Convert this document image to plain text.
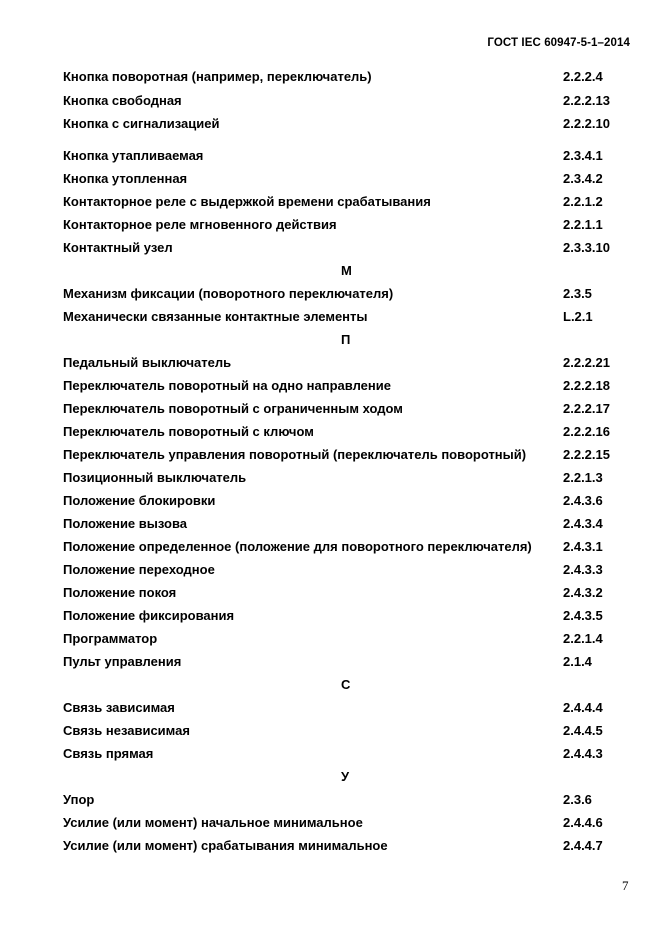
ГОСТ IEC 60947-5-1–2014
Кнопка поворотная (например, переключатель)	2.2.2.4
Кнопка свободная	2.2.2.13
Кнопка с сигнализацией	2.2.2.10
Кнопка утапливаемая	2.3.4.1
Кнопка утопленная	2.3.4.2
Контакторное реле с выдержкой времени срабатывания	2.2.1.2
Контакторное реле мгновенного действия	2.2.1.1
Контактный узел	2.3.3.10
М
Механизм фиксации (поворотного переключателя)	2.3.5
Механически связанные контактные элементы	L.2.1
П
Педальный выключатель	2.2.2.21
Переключатель поворотный на одно направление	2.2.2.18
Переключатель поворотный с ограниченным ходом	2.2.2.17
Переключатель поворотный с ключом	2.2.2.16
Переключатель управления поворотный (переключатель поворотный)	2.2.2.15
Позиционный выключатель	2.2.1.3
Положение блокировки	2.4.3.6
Положение вызова	2.4.3.4
Положение определенное (положение для поворотного переключателя) 2.4.3.1
Положение переходное	2.4.3.3
Положение покоя	2.4.3.2
Положение фиксирования	2.4.3.5
Программатор	2.2.1.4
Пульт управления	2.1.4
С
Связь зависимая	2.4.4.4
Связь независимая	2.4.4.5
Связь прямая	2.4.4.3
У
Упор	2.3.6
Усилие (или момент) начальное минимальное	2.4.4.6
Усилие (или момент) срабатывания минимальное	2.4.4.7
7
